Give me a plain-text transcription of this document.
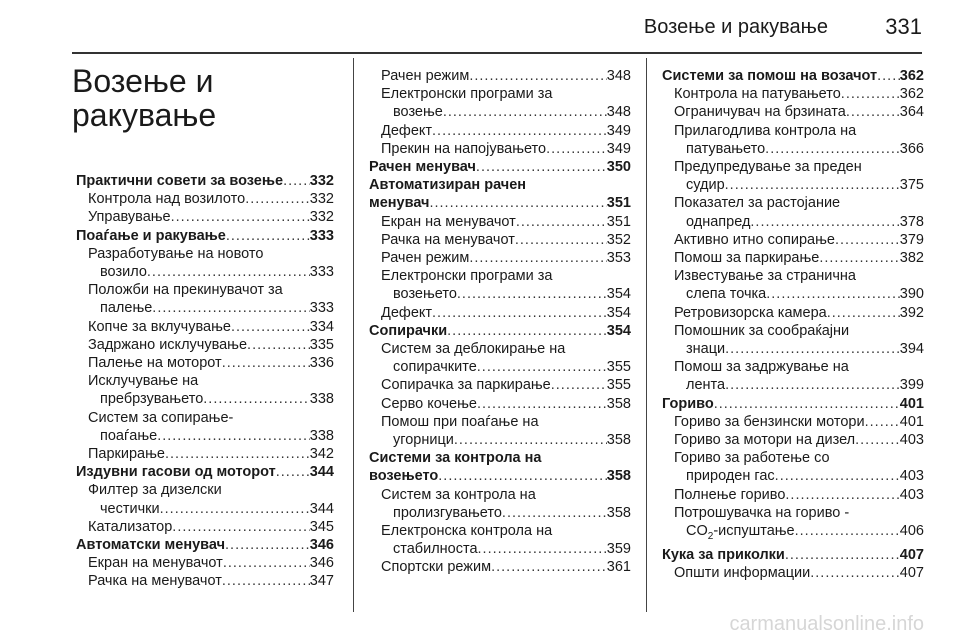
Возење и ракување	331
Возење и
ракување
Практични совети за возење ..... 332
Контрола над возилото .....	332
Управување .....	332
Поаѓање и ракување .....	333
Разработување на новото
возило .....	333
Положби на прекинувачот за
палење .....	333
Копче за вклучување .....	334
Задржано исклучување .....	335
Палење на моторот .....	336
Исклучување на
пребрзувањето .....	338
Систем за сопирање-
поаѓање .....	338
Паркирање .....	342
Издувни гасови од моторот ..... 344
Филтер за дизелски
честички .....	344
Катализатор .....	345
Автоматски менувач .....	346
Екран на менувачот .....	346
Рачка на менувачот .....	347
Рачен режим .....	348
Електронски програми за
возење .....	348
Дефект .....	349
Прекин на напојувањето .....	349
Рачен менувач .....	350
Автоматизиран рачен
менувач .....	351
Екран на менувачот .....	351
Рачка на менувачот .....	352
Рачен режим .....	353
Електронски програми за
возењето .....	354
Дефект .....	354
Сопирачки .....	354
Систем за деблокирање на
сопирачките .....	355
Сопирачка за паркирање .....	355
Серво кочење .....	358
Помош при поаѓање на
угорници .....	358
Системи за контрола на
возењето .....	358
Систем за контрола на
пролизгувањето .....	358
Електронска контрола на
стабилноста .....	359
Спортски режим .....	361
Системи за помош на возачот ..... 362
Контрола на патувањето .....	362
Ограничувач на брзината .....	364
Прилагодлива контрола на
патувањето .....	366
Предупредување за преден
судир .....	375
Показател за растојание
однапред .....	378
Активно итно сопирање .....	379
Помош за паркирање .....	382
Известување за странична
слепа точка .....	390
Ретровизорска камера .....	392
Помошник за сообраќајни
знаци .....	394
Помош за задржување на
лента .....	399
Гориво .....	401
Гориво за бензински мотори ..... 401
Гориво за мотори на дизел .....	403
Гориво за работење со
природен гас .....	403
Полнење гориво .....	403
Потрошувачка на гориво -
$CO_2$-испуштање .....	406
Кука за приколки .....	407
Општи информации .....	407
carmanualsonline.info
